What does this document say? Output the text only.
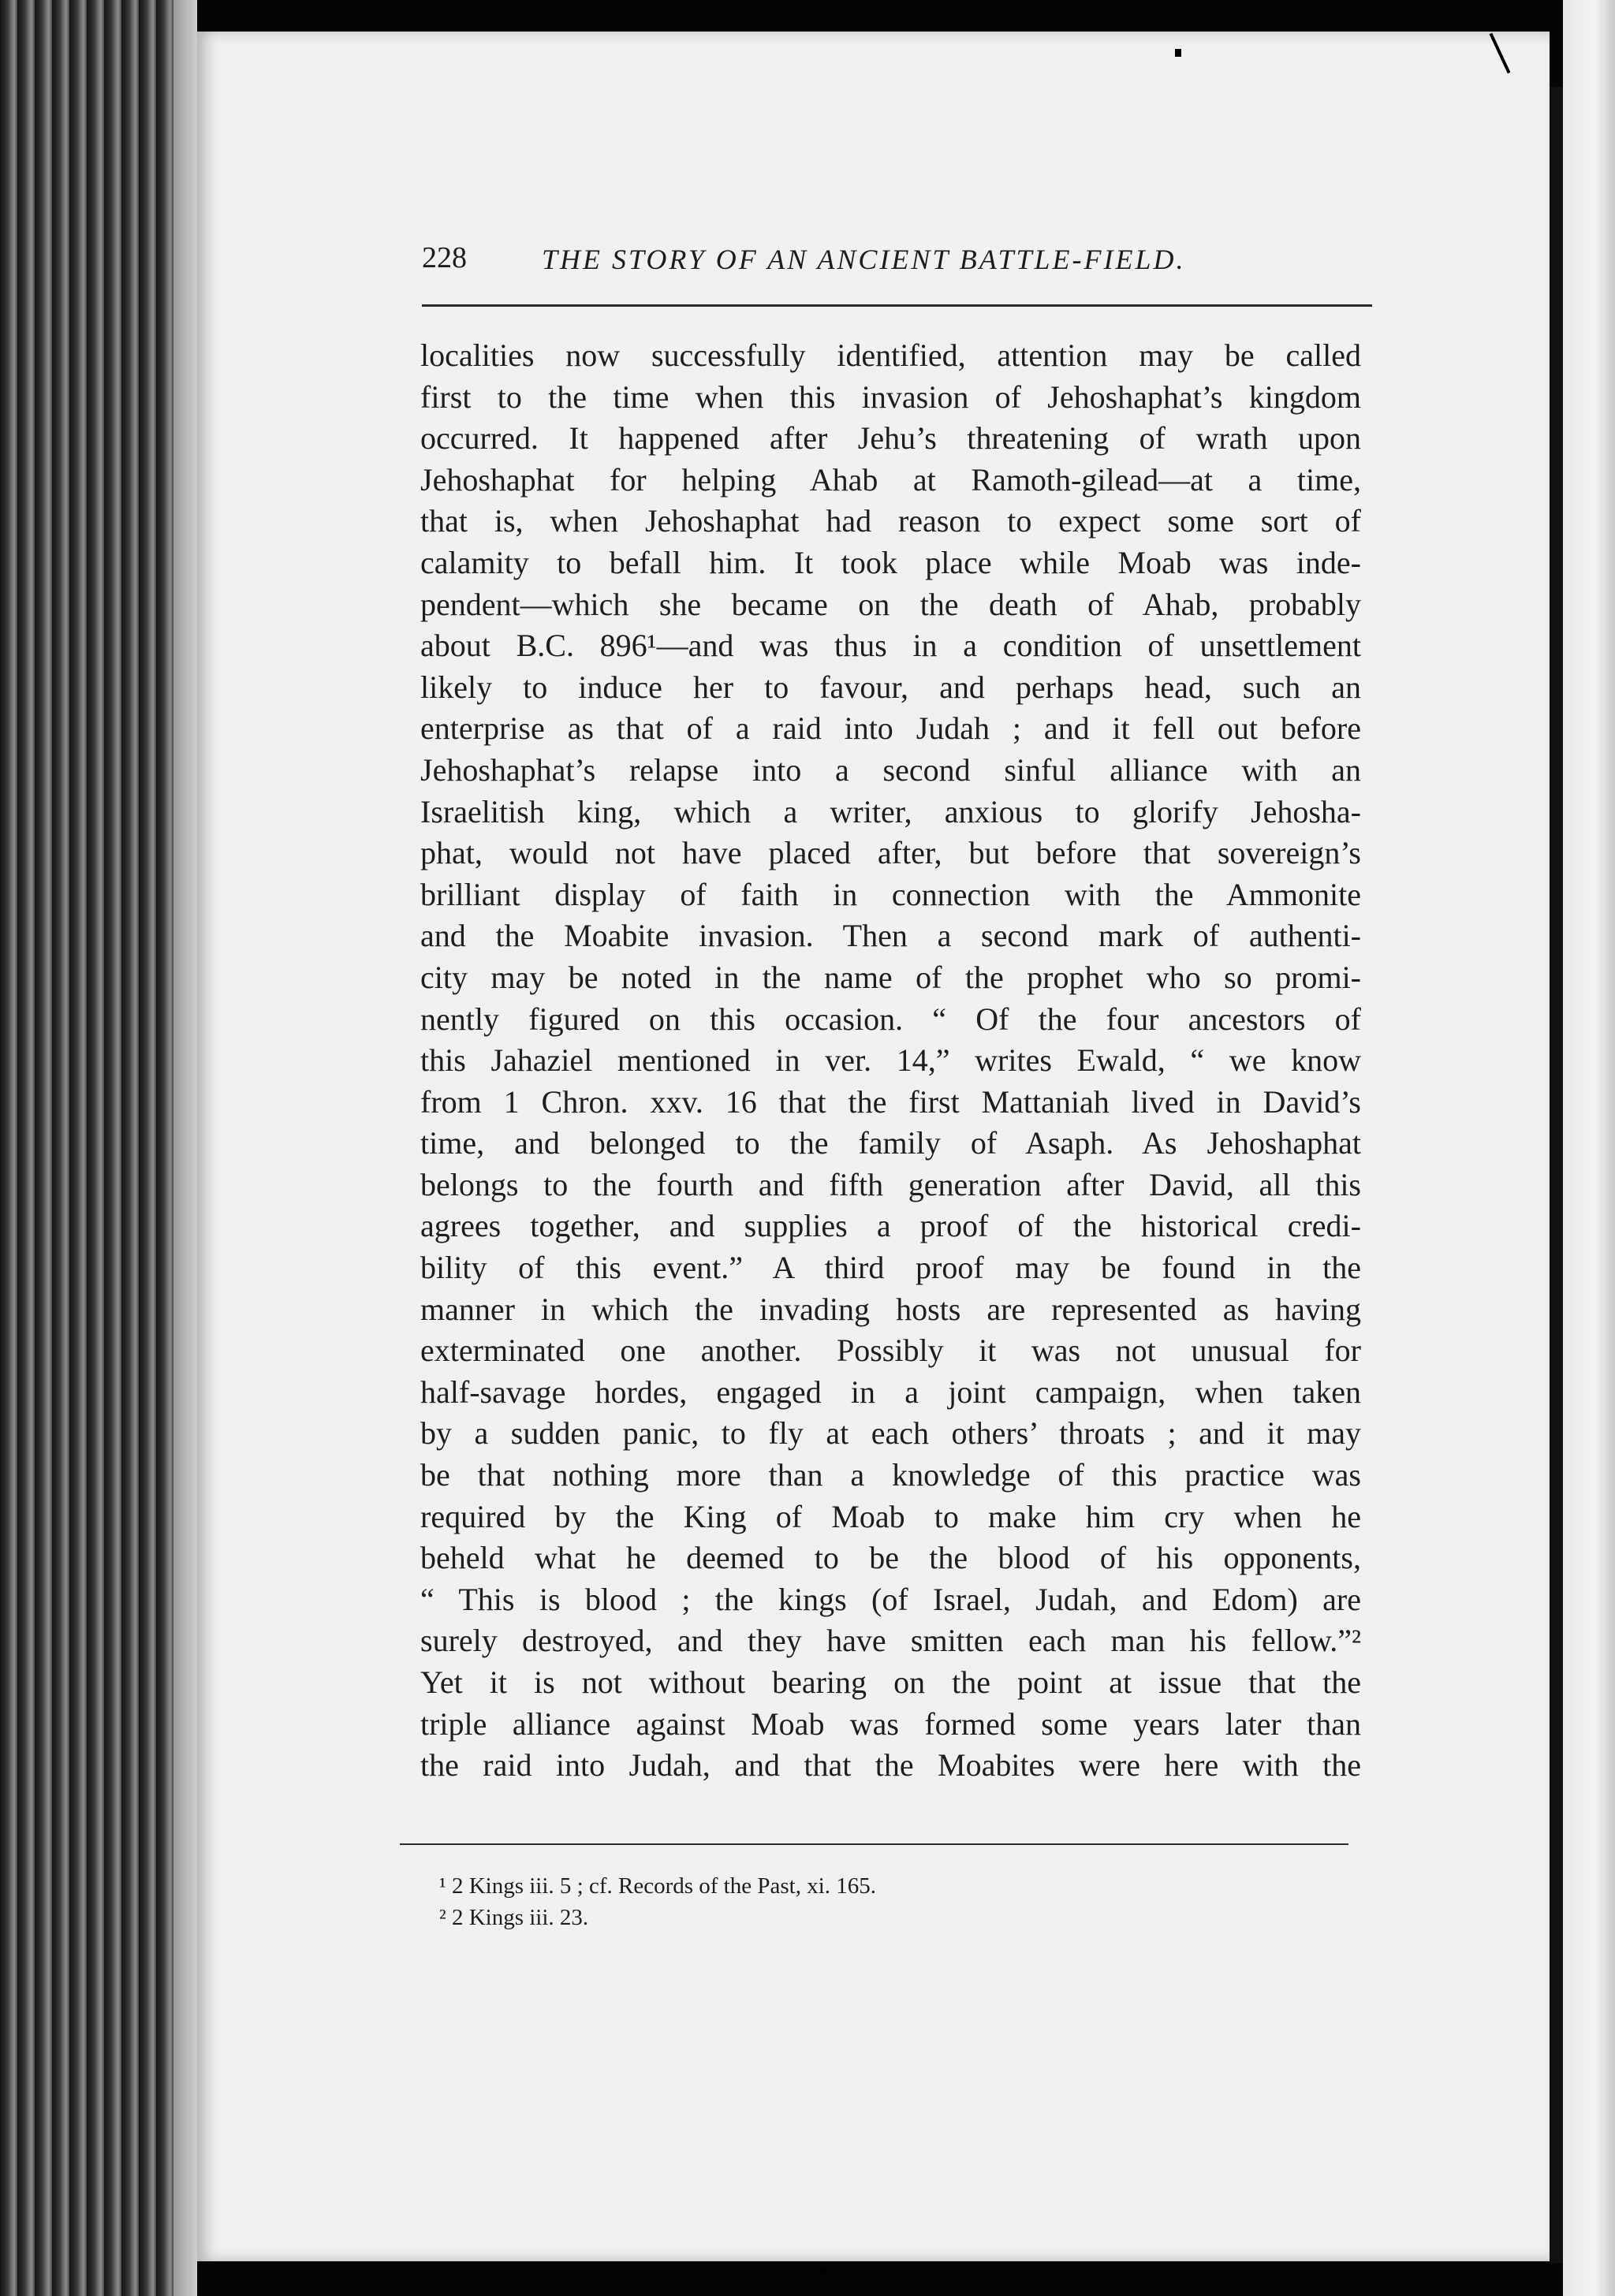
228	THE STORY OF AN ANCIENT BATTLE-FIELD.
localities now successfully identified, attention may be called
first to the time when this invasion of Jehoshaphat’s kingdom
occurred. It happened after Jehu’s threatening of wrath upon
Jehoshaphat for helping Ahab at Ramoth-gilead—at a time,
that is, when Jehoshaphat had reason to expect some sort of
calamity to befall him. It took place while Moab was inde-
pendent—which she became on the death of Ahab, probably
about B.C. 896¹—and was thus in a condition of unsettlement
likely to induce her to favour, and perhaps head, such an
enterprise as that of a raid into Judah ; and it fell out before
Jehoshaphat’s relapse into a second sinful alliance with an
Israelitish king, which a writer, anxious to glorify Jehosha-
phat, would not have placed after, but before that sovereign’s
brilliant display of faith in connection with the Ammonite
and the Moabite invasion. Then a second mark of authenti-
city may be noted in the name of the prophet who so promi-
nently figured on this occasion. “ Of the four ancestors of
this Jahaziel mentioned in ver. 14,” writes Ewald, “ we know
from 1 Chron. xxv. 16 that the first Mattaniah lived in David’s
time, and belonged to the family of Asaph. As Jehoshaphat
belongs to the fourth and fifth generation after David, all this
agrees together, and supplies a proof of the historical credi-
bility of this event.” A third proof may be found in the
manner in which the invading hosts are represented as having
exterminated one another. Possibly it was not unusual for
half-savage hordes, engaged in a joint campaign, when taken
by a sudden panic, to fly at each others’ throats ; and it may
be that nothing more than a knowledge of this practice was
required by the King of Moab to make him cry when he
beheld what he deemed to be the blood of his opponents,
“ This is blood ; the kings (of Israel, Judah, and Edom) are
surely destroyed, and they have smitten each man his fellow.”²
Yet it is not without bearing on the point at issue that the
triple alliance against Moab was formed some years later than
the raid into Judah, and that the Moabites were here with the
¹ 2 Kings iii. 5 ; cf. Records of the Past, xi. 165.
² 2 Kings iii. 23.
